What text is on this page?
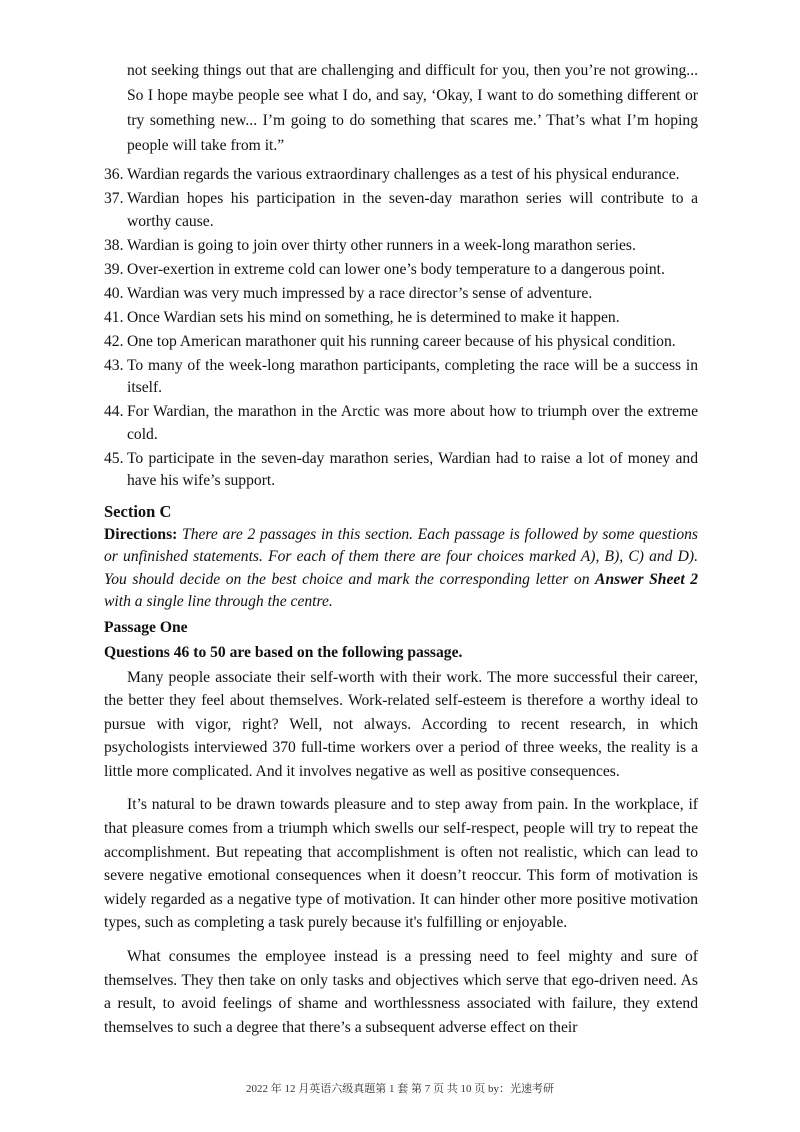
not seeking things out that are challenging and difficult for you, then you’re not growing... So I hope maybe people see what I do, and say, ‘Okay, I want to do something different or try something new... I’m going to do something that scares me.’ That’s what I’m hoping people will take from it.”

36. Wardian regards the various extraordinary challenges as a test of his physical endurance.
37. Wardian hopes his participation in the seven-day marathon series will contribute to a worthy cause.
38. Wardian is going to join over thirty other runners in a week-long marathon series.
39. Over-exertion in extreme cold can lower one’s body temperature to a dangerous point.
40. Wardian was very much impressed by a race director’s sense of adventure.
41. Once Wardian sets his mind on something, he is determined to make it happen.
42. One top American marathoner quit his running career because of his physical condition.
43. To many of the week-long marathon participants, completing the race will be a success in itself.
44. For Wardian, the marathon in the Arctic was more about how to triumph over the extreme cold.
45. To participate in the seven-day marathon series, Wardian had to raise a lot of money and have his wife’s support.
Section C

Directions: There are 2 passages in this section. Each passage is followed by some questions or unfinished statements. For each of them there are four choices marked A), B), C) and D). You should decide on the best choice and mark the corresponding letter on Answer Sheet 2 with a single line through the centre.

Passage One
Questions 46 to 50 are based on the following passage.

Many people associate their self-worth with their work. The more successful their career, the better they feel about themselves. Work-related self-esteem is therefore a worthy ideal to pursue with vigor, right? Well, not always. According to recent research, in which psychologists interviewed 370 full-time workers over a period of three weeks, the reality is a little more complicated. And it involves negative as well as positive consequences.

It’s natural to be drawn towards pleasure and to step away from pain. In the workplace, if that pleasure comes from a triumph which swells our self-respect, people will try to repeat the accomplishment. But repeating that accomplishment is often not realistic, which can lead to severe negative emotional consequences when it doesn’t reoccur. This form of motivation is widely regarded as a negative type of motivation. It can hinder other more positive motivation types, such as completing a task purely because it's fulfilling or enjoyable.

What consumes the employee instead is a pressing need to feel mighty and sure of themselves. They then take on only tasks and objectives which serve that ego-driven need. As a result, to avoid feelings of shame and worthlessness associated with failure, they extend themselves to such a degree that there’s a subsequent adverse effect on their

2022 年 12 月英语六级真题第 1 套 第 7 页 共 10 页 by：光速考研
